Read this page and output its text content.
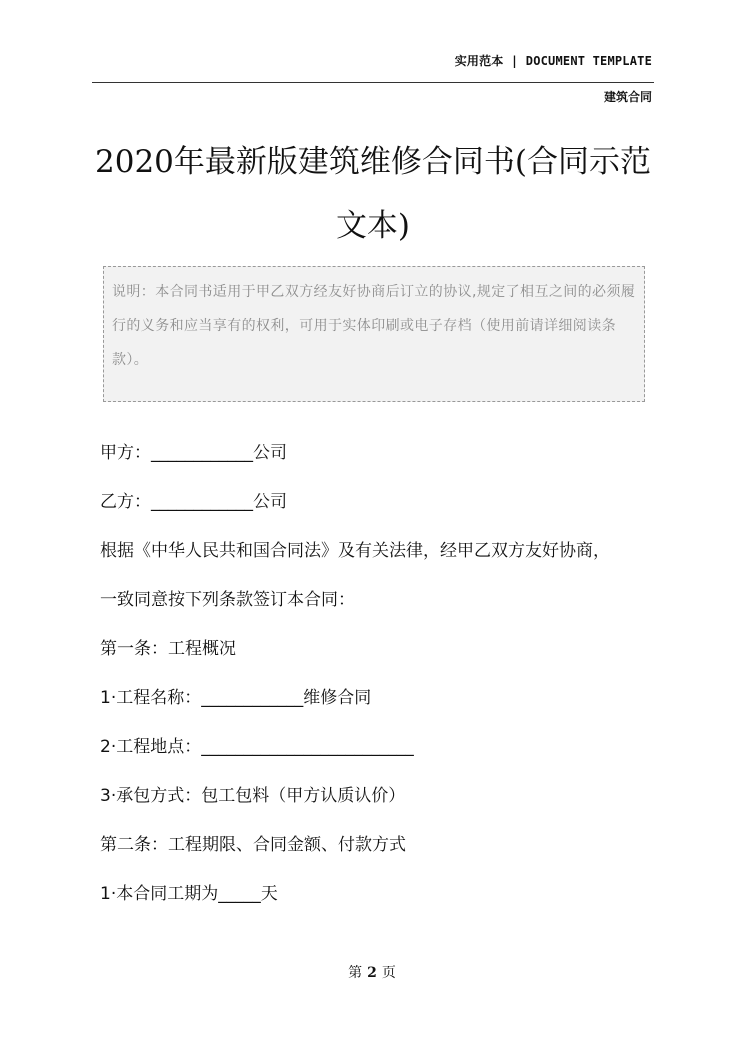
实用范本 | DOCUMENT TEMPLATE
建筑合同
2020年最新版建筑维修合同书(合同示范
文本)
说明：本合同书适用于甲乙双方经友好协商后订立的协议,规定了相互之间的必须履行的义务和应当享有的权利，可用于实体印刷或电子存档（使用前请详细阅读条款）。
甲方：____________公司
乙方：____________公司
根据《中华人民共和国合同法》及有关法律，经甲乙双方友好协商，
一致同意按下列条款签订本合同：
第一条：工程概况
1·工程名称：____________维修合同
2·工程地点：_________________________
3·承包方式：包工包料（甲方认质认价）
第二条：工程期限、合同金额、付款方式
1·本合同工期为_____天
第 2 页
